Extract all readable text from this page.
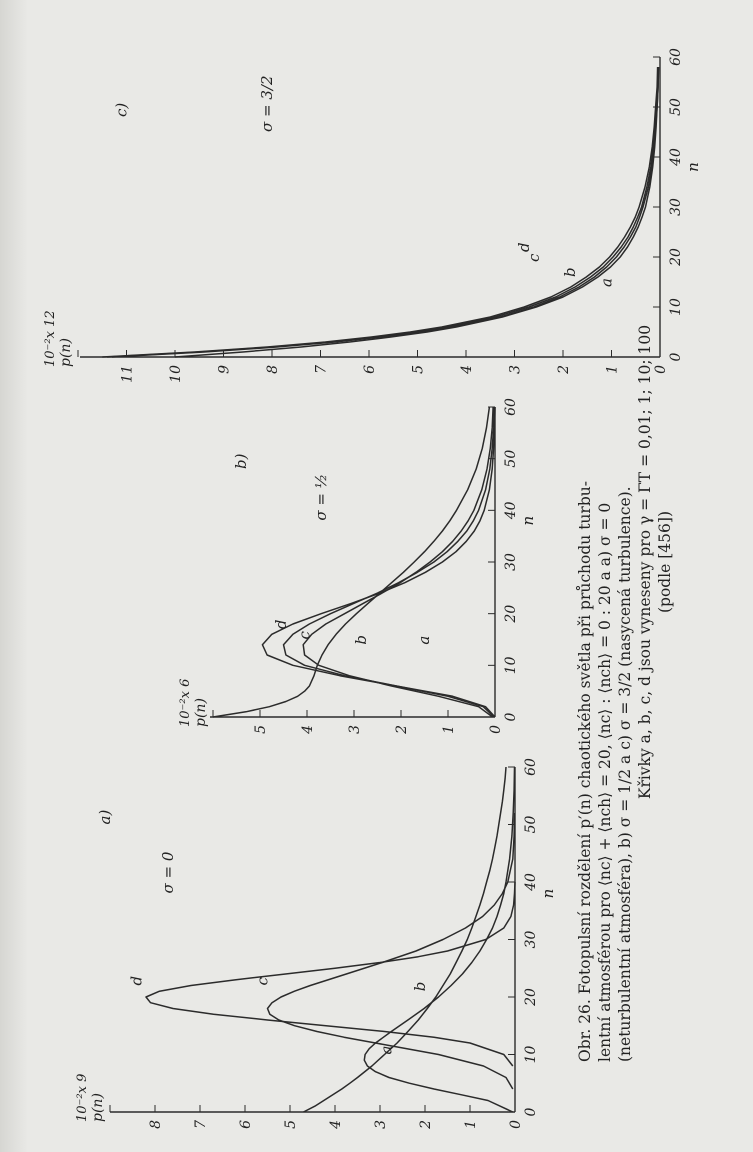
0
10
20
30
40
50
60
0
1
2
3
4
5
6
7
8
10⁻²x 9 p(n)
n
a)
σ = 0
a
b
c
d
0
10
20
30
40
50
60
0
1
2
3
4
5
10⁻²x 6 p(n)
n
b)
σ = ½
a
b
c
d
0
10
20
30
40
50
60
0
1
2
3
4
5
6
7
8
9
10
11
10⁻²x 12 p(n)
n
c)	σ = 3/2
a
b
c
d
Obr. 26. Fotopulsní rozdělení p′(n) chaotického světla při průchodu turbu- lentní atmosférou pro ⟨nc⟩ + ⟨nch⟩ = 20, ⟨nc⟩ : ⟨nch⟩ = 0 : 20 a a) σ = 0 (neturbulentní atmosféra), b) σ = 1/2 a c) σ = 3/2 (nasycená turbulence). Křivky a, b, c, d jsou vyneseny pro γ = ΓT = 0,01; 1; 10; 100 (podle [456])
